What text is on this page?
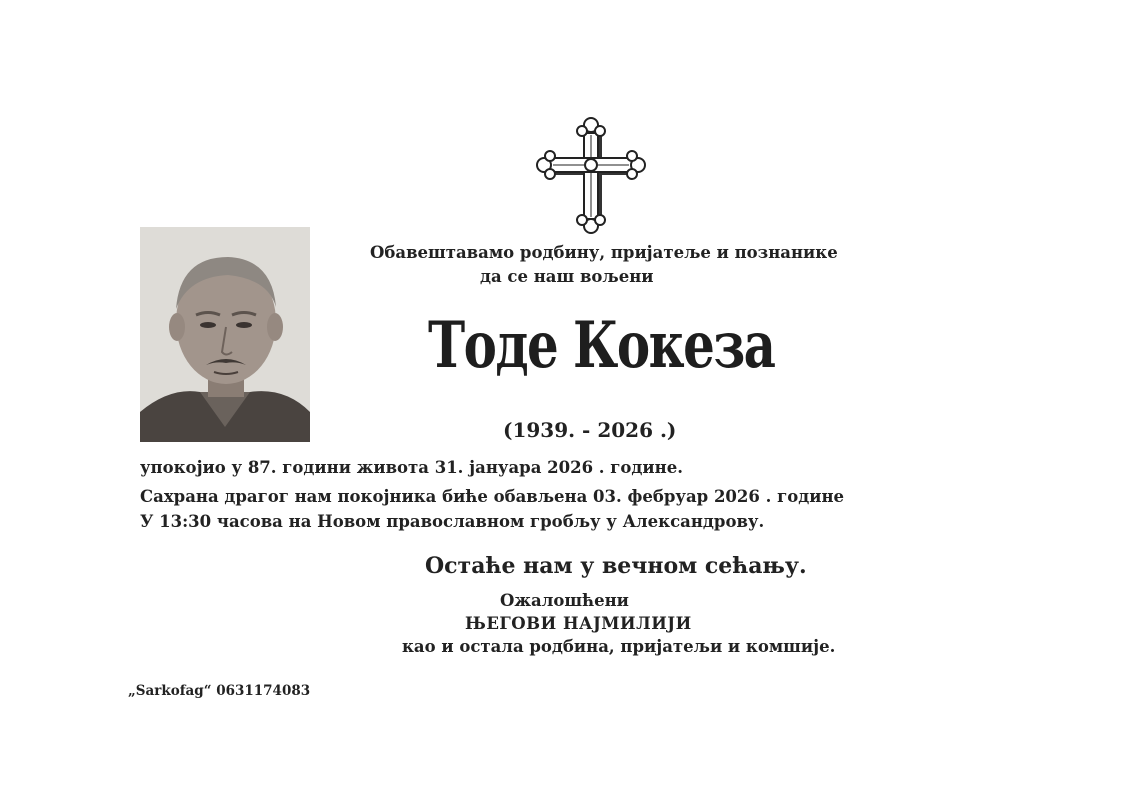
Обавештавамо родбину, пријатеље и познанике
да се наш вољени
Тоде Кокеза
(1939. - 2026 .)
упокојио у 87. години живота 31. јануара 2026 . године.
Сахрана драгог нам покојника биће обављена 03. фебруар 2026 . године
У 13:30 часова на Новом православном гробљу у Александрову.
Остаће нам у вечном сећању.
Ожалошћени
ЊЕГОВИ НАЈМИЛИЈИ
као и остала родбина, пријатељи и комшије.
„Sarkofag“ 0631174083
